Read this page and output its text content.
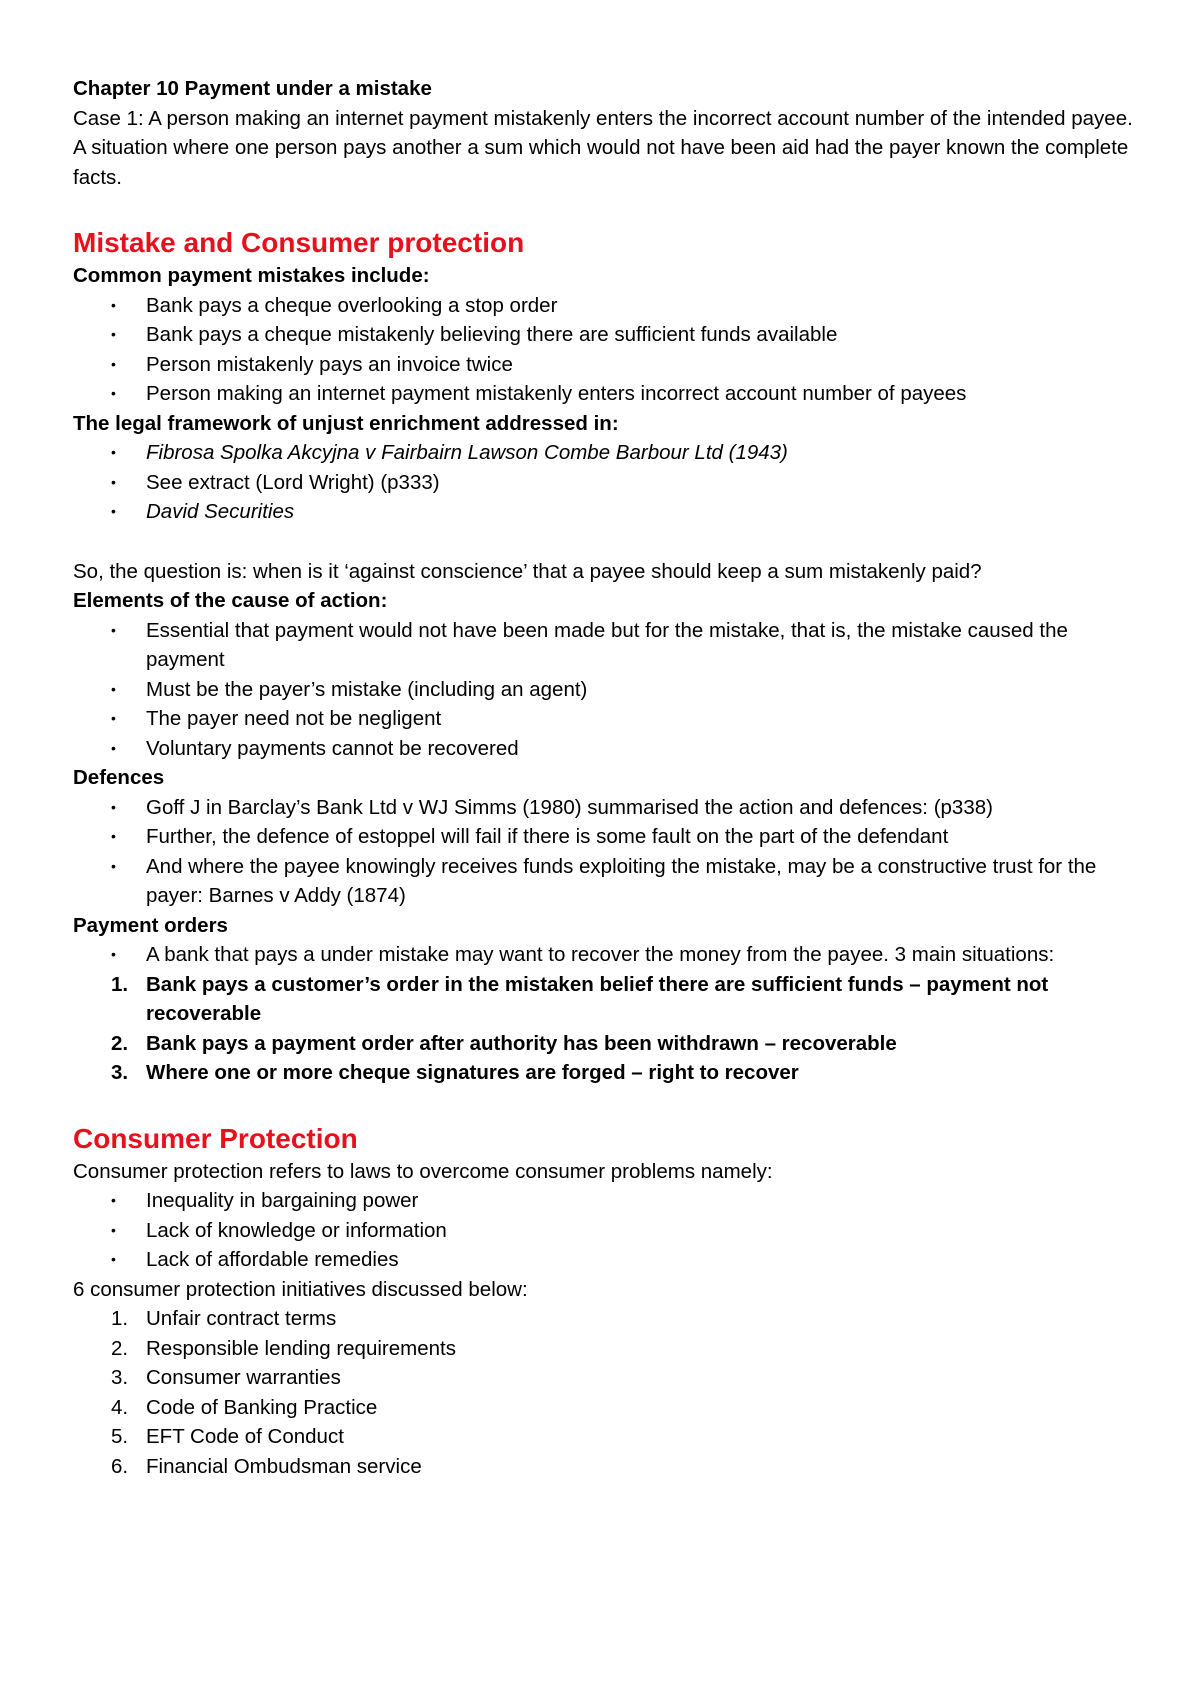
Chapter 10 Payment under a mistake

Case 1: A person making an internet payment mistakenly enters the incorrect account number of the intended payee.

A situation where one person pays another a sum which would not have been aid had the payer known the complete facts.

Mistake and Consumer protection

Common payment mistakes include:

•	Bank pays a cheque overlooking a stop order
•	Bank pays a cheque mistakenly believing there are sufficient funds available
•	Person mistakenly pays an invoice twice
•	Person making an internet payment mistakenly enters incorrect account number of payees

The legal framework of unjust enrichment addressed in:

•	Fibrosa Spolka Akcyjna v Fairbairn Lawson Combe Barbour Ltd (1943)
•	See extract (Lord Wright) (p333)
•	David Securities

So, the question is: when is it ‘against conscience’ that a payee should keep a sum mistakenly paid?

Elements of the cause of action:

•	Essential that payment would not have been made but for the mistake, that is, the mistake caused the payment
•	Must be the payer’s mistake (including an agent)
•	The payer need not be negligent
•	Voluntary payments cannot be recovered

Defences

•	Goff J in Barclay’s Bank Ltd v WJ Simms (1980) summarised the action and defences: (p338)
•	Further, the defence of estoppel will fail if there is some fault on the part of the defendant
•	And where the payee knowingly receives funds exploiting the mistake, may be a constructive trust for the payer: Barnes v Addy (1874)

Payment orders

•	A bank that pays a under mistake may want to recover the money from the payee. 3 main situations:
1. Bank pays a customer’s order in the mistaken belief there are sufficient funds – payment not recoverable
2. Bank pays a payment order after authority has been withdrawn – recoverable
3. Where one or more cheque signatures are forged – right to recover
Consumer Protection

Consumer protection refers to laws to overcome consumer problems namely:

•	Inequality in bargaining power
•	Lack of knowledge or information
•	Lack of affordable remedies

6 consumer protection initiatives discussed below:

1. Unfair contract terms
2. Responsible lending requirements
3. Consumer warranties
4. Code of Banking Practice
5. EFT Code of Conduct
6. Financial Ombudsman service
